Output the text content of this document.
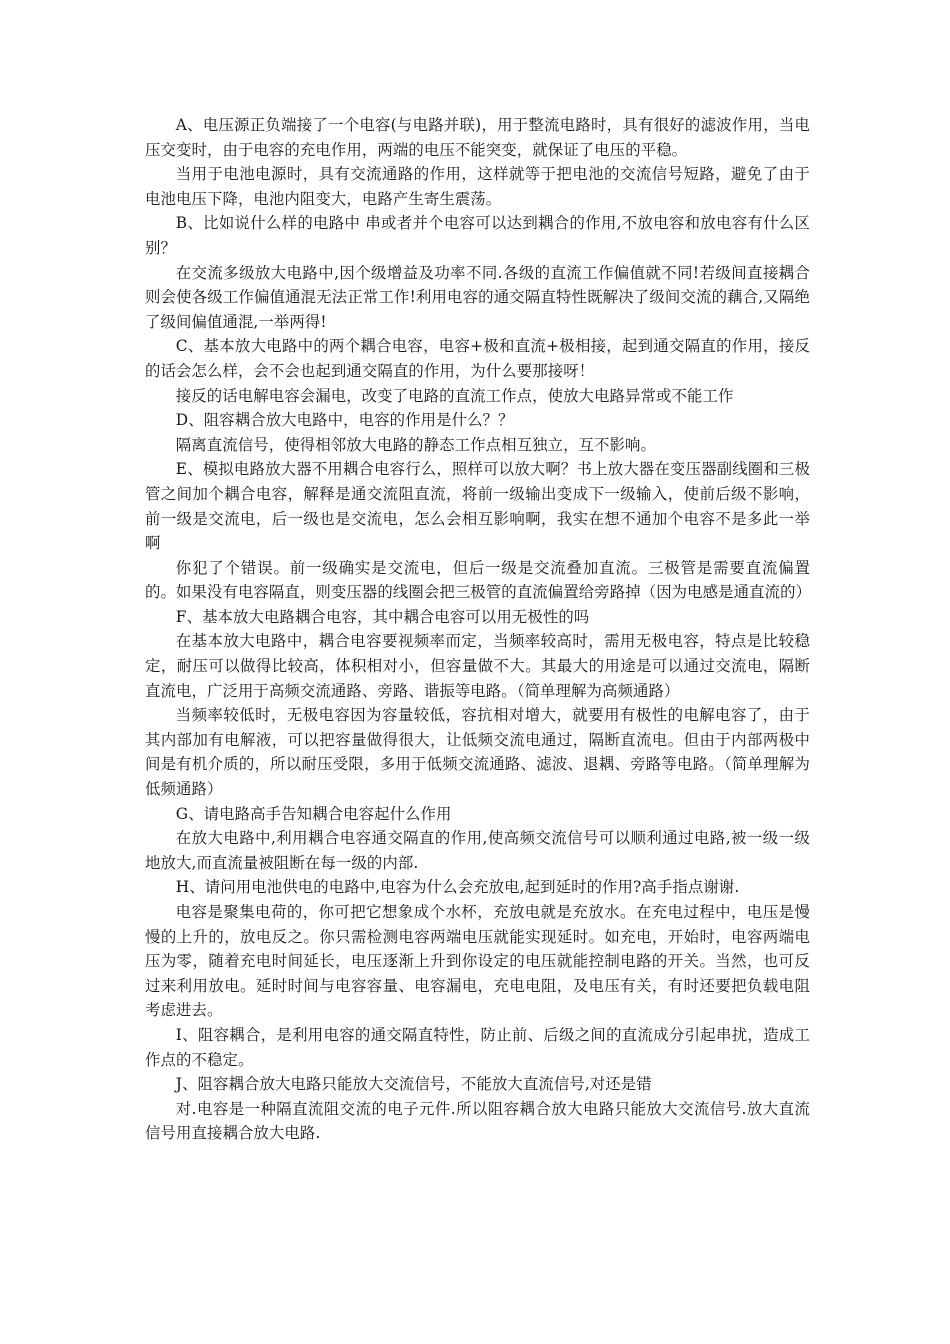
A、电压源正负端接了一个电容(与电路并联)，用于整流电路时，具有很好的滤波作用，当电压交变时，由于电容的充电作用，两端的电压不能突变，就保证了电压的平稳。

当用于电池电源时，具有交流通路的作用，这样就等于把电池的交流信号短路，避免了由于电池电压下降，电池内阻变大，电路产生寄生震荡。

B、比如说什么样的电路中 串或者并个电容可以达到耦合的作用,不放电容和放电容有什么区别？

在交流多级放大电路中,因个级增益及功率不同.各级的直流工作偏值就不同!若级间直接耦合则会使各级工作偏值通混无法正常工作!利用电容的通交隔直特性既解决了级间交流的藕合,又隔绝了级间偏值通混,一举两得!

C、基本放大电路中的两个耦合电容，电容+极和直流+极相接，起到通交隔直的作用，接反的话会怎么样，会不会也起到通交隔直的作用，为什么要那接呀！

接反的话电解电容会漏电，改变了电路的直流工作点，使放大电路异常或不能工作

D、阻容耦合放大电路中，电容的作用是什么？？

隔离直流信号，使得相邻放大电路的静态工作点相互独立，互不影响。

E、模拟电路放大器不用耦合电容行么，照样可以放大啊？书上放大器在变压器副线圈和三极管之间加个耦合电容，解释是通交流阻直流，将前一级输出变成下一级输入，使前后级不影响，前一级是交流电，后一级也是交流电，怎么会相互影响啊，我实在想不通加个电容不是多此一举啊

你犯了个错误。前一级确实是交流电，但后一级是交流叠加直流。三极管是需要直流偏置的。如果没有电容隔直，则变压器的线圈会把三极管的直流偏置给旁路掉（因为电感是通直流的）

F、基本放大电路耦合电容，其中耦合电容可以用无极性的吗

在基本放大电路中，耦合电容要视频率而定，当频率较高时，需用无极电容，特点是比较稳定，耐压可以做得比较高，体积相对小，但容量做不大。其最大的用途是可以通过交流电，隔断直流电，广泛用于高频交流通路、旁路、谐振等电路。（简单理解为高频通路）

当频率较低时，无极电容因为容量较低，容抗相对增大，就要用有极性的电解电容了，由于其内部加有电解液，可以把容量做得很大，让低频交流电通过，隔断直流电。但由于内部两极中间是有机介质的，所以耐压受限，多用于低频交流通路、滤波、退耦、旁路等电路。（简单理解为低频通路）

G、请电路高手告知耦合电容起什么作用

在放大电路中,利用耦合电容通交隔直的作用,使高频交流信号可以顺利通过电路,被一级一级地放大,而直流量被阻断在每一级的内部.

H、请问用电池供电的电路中,电容为什么会充放电,起到延时的作用?高手指点谢谢.

电容是聚集电荷的，你可把它想象成个水杯，充放电就是充放水。在充电过程中，电压是慢慢的上升的，放电反之。你只需检测电容两端电压就能实现延时。如充电，开始时，电容两端电压为零，随着充电时间延长，电压逐渐上升到你设定的电压就能控制电路的开关。当然，也可反过来利用放电。延时时间与电容容量、电容漏电，充电电阻，及电压有关，有时还要把负载电阻考虑进去。

I、阻容耦合，是利用电容的通交隔直特性，防止前、后级之间的直流成分引起串扰，造成工作点的不稳定。

J、阻容耦合放大电路只能放大交流信号，不能放大直流信号,对还是错

对.电容是一种隔直流阻交流的电子元件.所以阻容耦合放大电路只能放大交流信号.放大直流信号用直接耦合放大电路.
